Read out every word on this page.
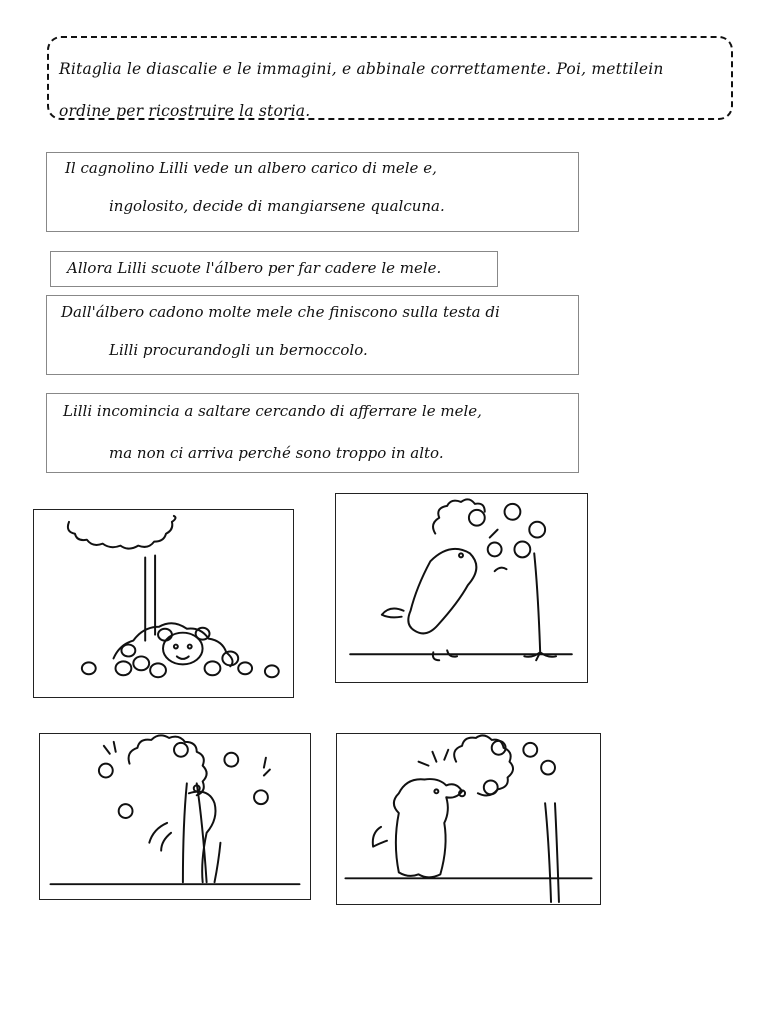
Ritaglia le diascalie e le immagini, e abbinale correttamente. Poi, mettilein
ordine per ricostruire la storia.
Il cagnolino Lilli vede un albero carico di mele e,
ingolosito, decide di mangiarsene qualcuna.
Allora Lilli scuote l'álbero per far cadere le mele.
Dall'álbero cadono molte mele che finiscono sulla testa di
Lilli procurandogli un bernoccolo.
Lilli incomincia a saltare cercando di afferrare le mele,
ma non ci arriva perché sono troppo in alto.
